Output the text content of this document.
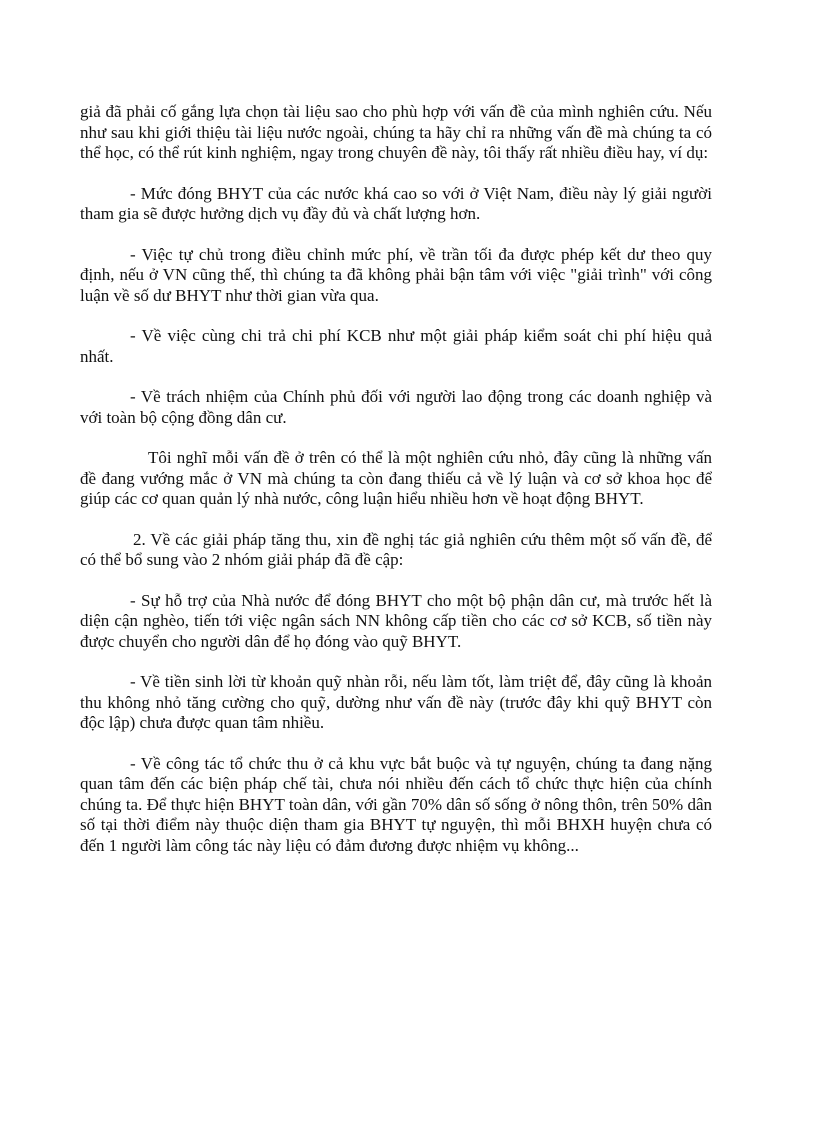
giả đã phải cố gắng lựa chọn tài liệu sao cho phù hợp với vấn đề của mình nghiên cứu. Nếu như sau khi giới thiệu tài liệu nước ngoài, chúng ta hãy chỉ ra những vấn đề mà chúng ta có thể học, có thể rút kinh nghiệm, ngay trong chuyên đề này, tôi thấy rất nhiều điều hay, ví dụ:

- Mức đóng BHYT của các nước khá cao so với ở Việt Nam, điều này lý giải người tham gia sẽ được hưởng dịch vụ đầy đủ và chất lượng hơn.

- Việc tự chủ trong điều chỉnh mức phí, về trần tối đa được phép kết dư theo quy định, nếu ở VN cũng thế, thì chúng ta đã không phải bận tâm với việc "giải trình" với công luận về số dư BHYT như thời gian vừa qua.

- Về việc cùng chi trả chi phí KCB như một giải pháp kiểm soát chi phí hiệu quả nhất.

- Về trách nhiệm của Chính phủ đối với người lao động trong các doanh nghiệp và với toàn bộ cộng đồng dân cư.

Tôi nghĩ mỗi vấn đề ở trên có thể là một nghiên cứu nhỏ, đây cũng là những vấn đề đang vướng mắc ở VN mà chúng ta còn đang thiếu cả về lý luận và cơ sở khoa học để giúp các cơ quan quản lý nhà nước, công luận hiểu nhiều hơn về hoạt động BHYT.

2. Về các giải pháp tăng thu, xin đề nghị tác giả nghiên cứu thêm một số vấn đề, để có thể bổ sung vào 2 nhóm giải pháp đã đề cập:

- Sự hỗ trợ của Nhà nước để đóng BHYT cho một bộ phận dân cư, mà trước hết là diện cận nghèo, tiến tới việc ngân sách NN không cấp tiền cho các cơ sở KCB, số tiền này được chuyển cho người dân để họ đóng vào quỹ BHYT.

- Về tiền sinh lời từ khoản quỹ nhàn rỗi, nếu làm tốt, làm triệt để, đây cũng là khoản thu không nhỏ tăng cường cho quỹ, dường như vấn đề này (trước đây khi quỹ BHYT còn độc lập) chưa được quan tâm nhiều.

- Về công tác tổ chức thu ở cả khu vực bắt buộc và tự nguyện, chúng ta đang nặng quan tâm đến các biện pháp chế tài, chưa nói nhiều đến cách tổ chức thực hiện của chính chúng ta. Để thực hiện BHYT toàn dân, với gần 70% dân số sống ở nông thôn, trên 50% dân số tại thời điểm này thuộc diện tham gia BHYT tự nguyện, thì mỗi BHXH huyện chưa có đến 1 người làm công tác này liệu có đảm đương được nhiệm vụ không...
